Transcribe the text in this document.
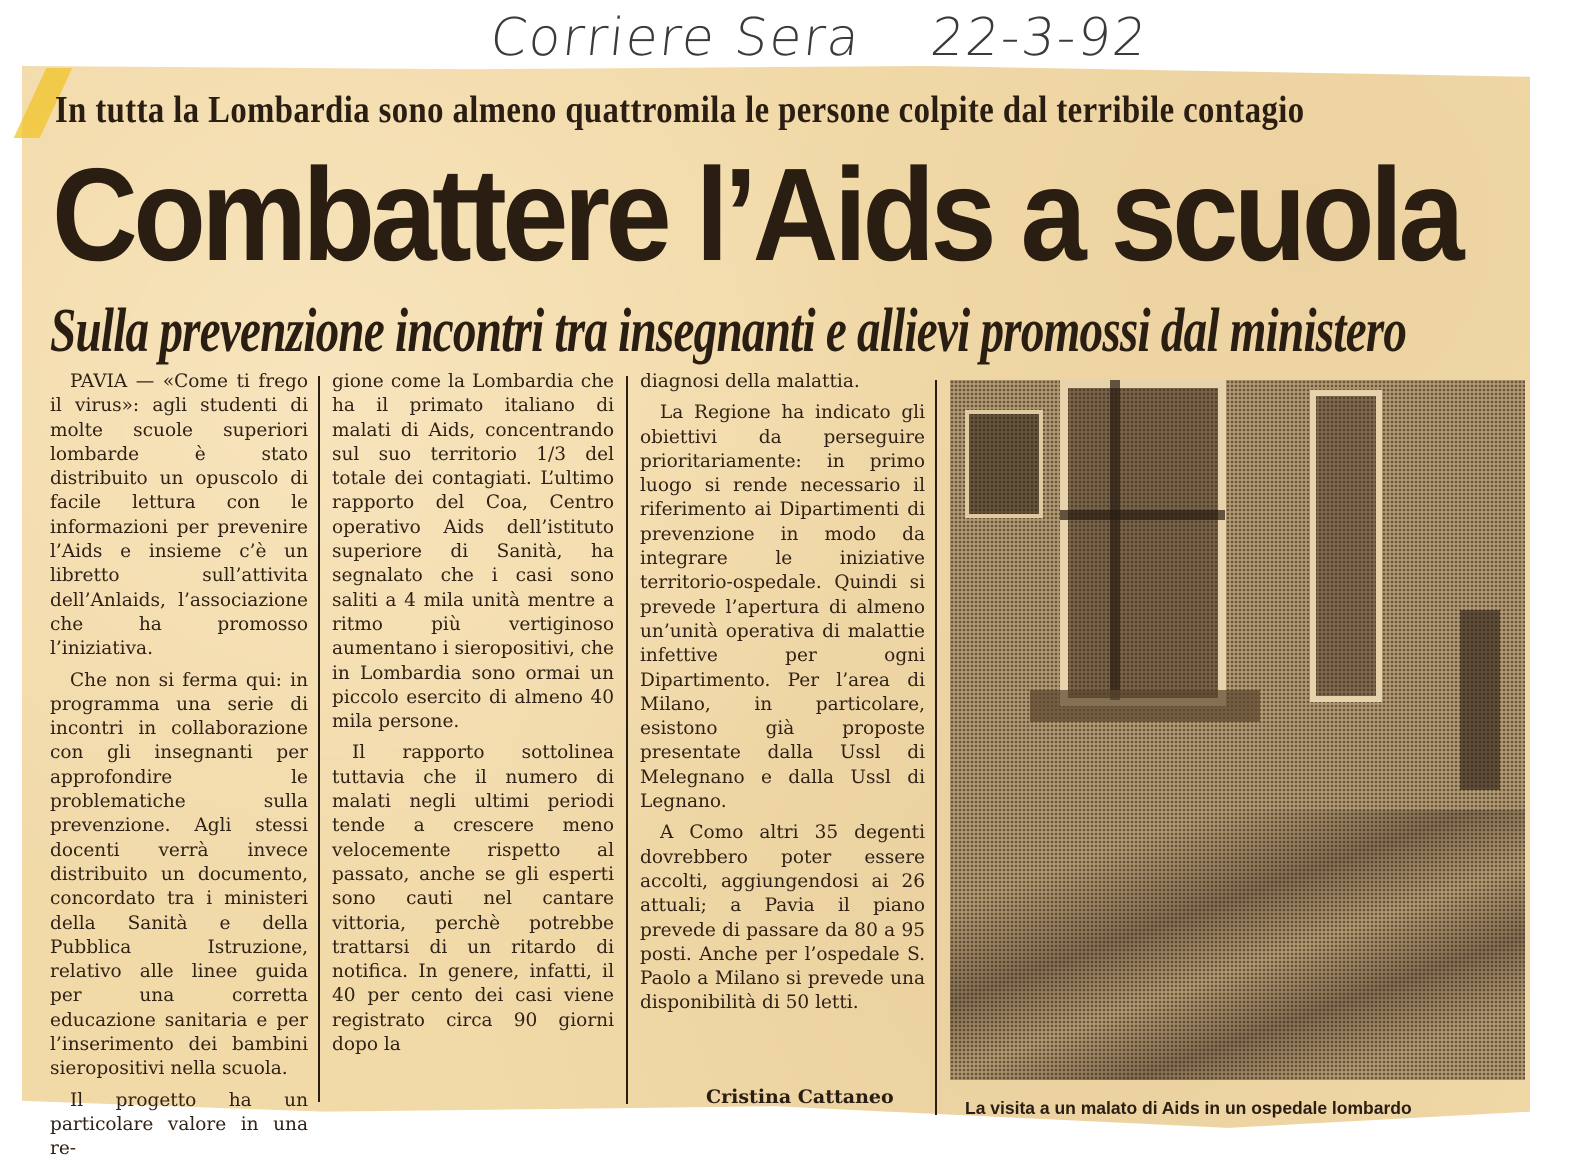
Corriere Sera 22-3-92
In tutta la Lombardia sono almeno quattromila le persone colpite dal terribile contagio
Combattere l’Aids a scuola
Sulla prevenzione incontri tra insegnanti e allievi promossi dal ministero

PAVIA — «Come ti frego il virus»: agli studenti di molte scuole superiori lombarde è stato distribuito un opuscolo di facile lettura con le informazioni per prevenire l’Aids e insieme c’è un libretto sull’attivita dell’Anlaids, l’associazione che ha promosso l’iniziativa.

Che non si ferma qui: in programma una serie di incontri in collaborazione con gli insegnanti per approfondire le problematiche sulla prevenzione. Agli stessi docenti verrà invece distribuito un documento, concordato tra i ministeri della Sanità e della Pubblica Istruzione, relativo alle linee guida per una corretta educazione sanitaria e per l’inserimento dei bambini sieropositivi nella scuola.

Il progetto ha un particolare valore in una re-

gione come la Lombardia che ha il primato italiano di malati di Aids, concentrando sul suo territorio 1/3 del totale dei contagiati. L’ultimo rapporto del Coa, Centro operativo Aids dell’istituto superiore di Sanità, ha segnalato che i casi sono saliti a 4 mila unità mentre a ritmo più vertiginoso aumentano i sieropositivi, che in Lombardia sono ormai un piccolo esercito di almeno 40 mila persone.

Il rapporto sottolinea tuttavia che il numero di malati negli ultimi periodi tende a crescere meno velocemente rispetto al passato, anche se gli esperti sono cauti nel cantare vittoria, perchè potrebbe trattarsi di un ritardo di notifica. In genere, infatti, il 40 per cento dei casi viene registrato circa 90 giorni dopo la

diagnosi della malattia.

La Regione ha indicato gli obiettivi da perseguire prioritariamente: in primo luogo si rende necessario il riferimento ai Dipartimenti di prevenzione in modo da integrare le iniziative territorio-ospedale. Quindi si prevede l’apertura di almeno un’unità operativa di malattie infettive per ogni Dipartimento. Per l’area di Milano, in particolare, esistono già proposte presentate dalla Ussl di Melegnano e dalla Ussl di Legnano.

A Como altri 35 degenti dovrebbero poter essere accolti, aggiungendosi ai 26 attuali; a Pavia il piano prevede di passare da 80 a 95 posti. Anche per l’ospedale S. Paolo a Milano si prevede una disponibilità di 50 letti.

Cristina Cattaneo	La visita a un malato di Aids in un ospedale lombardo
